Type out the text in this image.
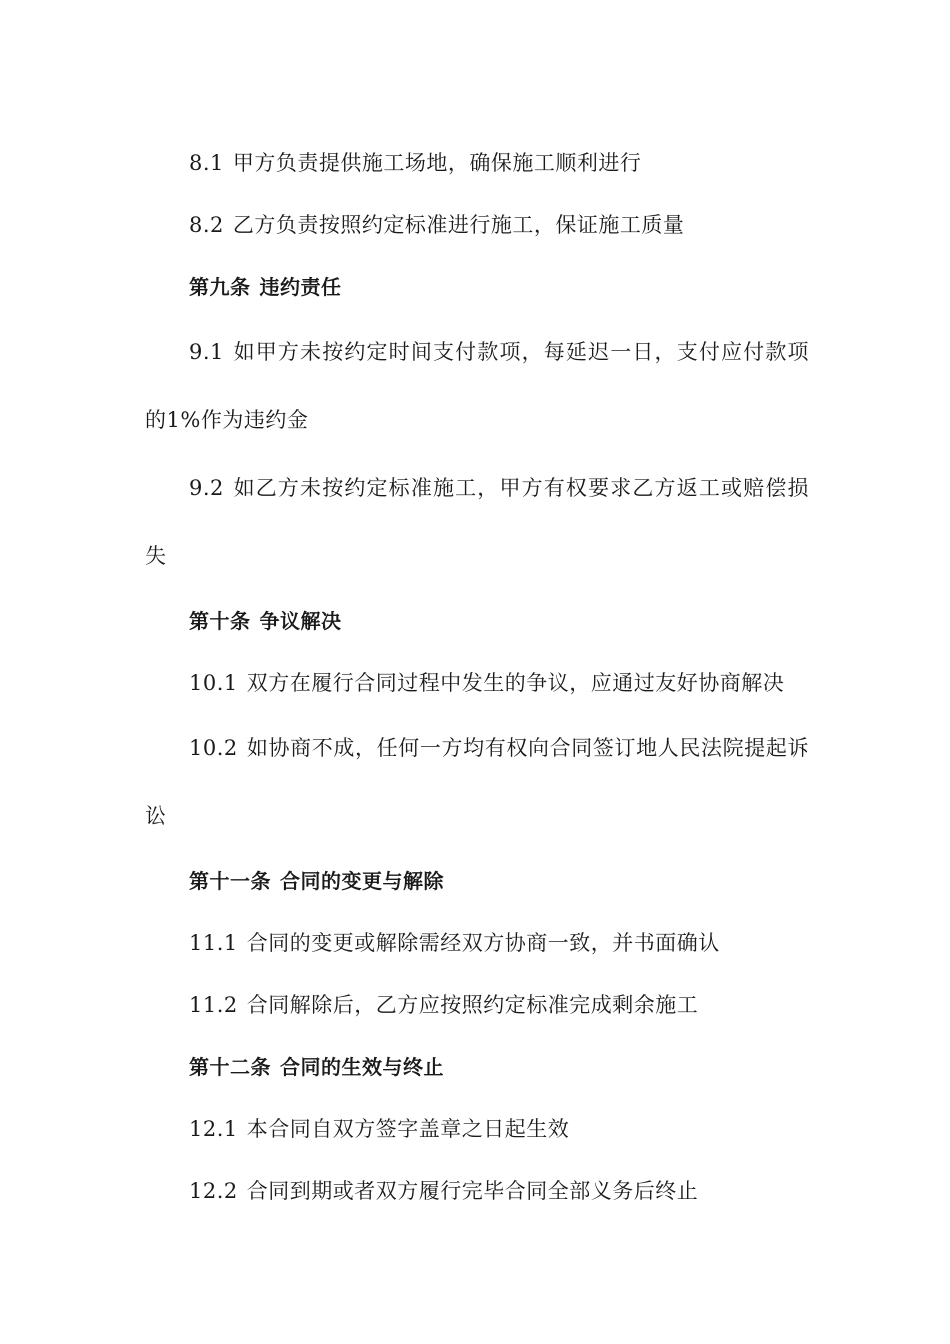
8.1 甲方负责提供施工场地，确保施工顺利进行

8.2 乙方负责按照约定标准进行施工，保证施工质量

第九条 违约责任

9.1 如甲方未按约定时间支付款项，每延迟一日，支付应付款项的1%作为违约金

9.2 如乙方未按约定标准施工，甲方有权要求乙方返工或赔偿损失

第十条 争议解决

10.1 双方在履行合同过程中发生的争议，应通过友好协商解决

10.2 如协商不成，任何一方均有权向合同签订地人民法院提起诉讼

第十一条 合同的变更与解除

11.1 合同的变更或解除需经双方协商一致，并书面确认

11.2 合同解除后，乙方应按照约定标准完成剩余施工

第十二条 合同的生效与终止

12.1 本合同自双方签字盖章之日起生效

12.2 合同到期或者双方履行完毕合同全部义务后终止
